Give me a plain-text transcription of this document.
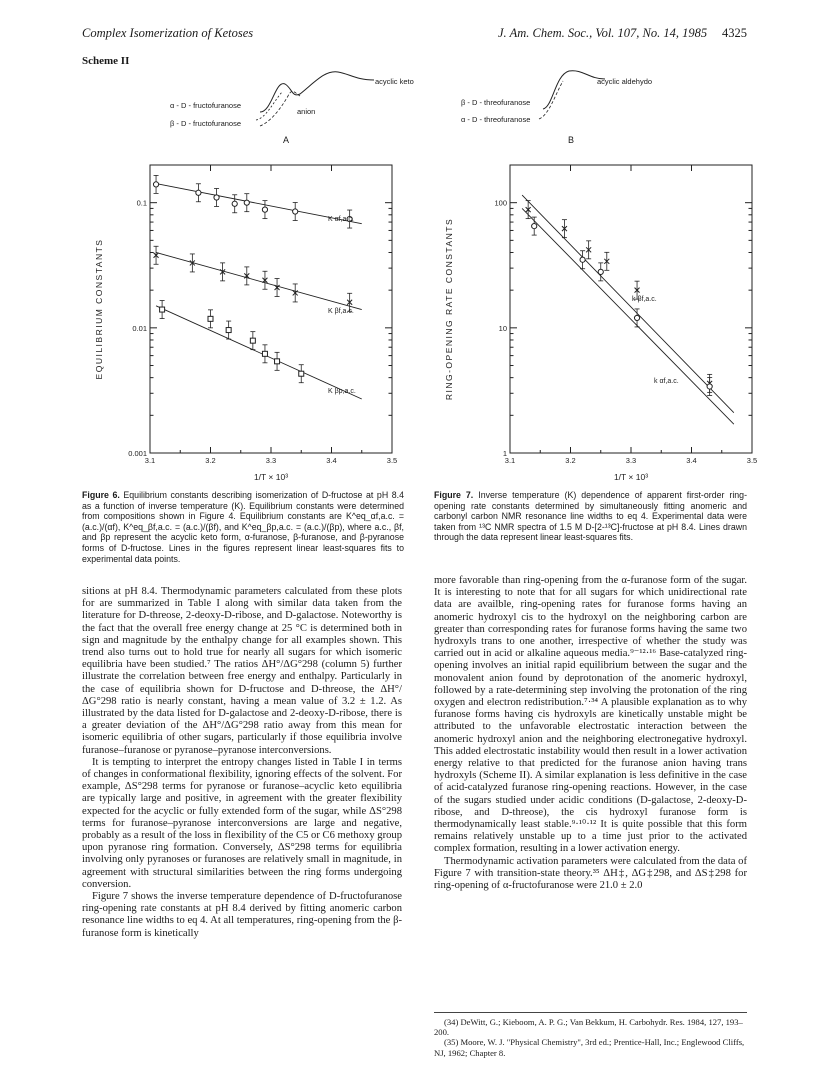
Complex Isomerization of Ketoses	J. Am. Chem. Soc., Vol. 107, No. 14, 1985 4325
Scheme II
acyclic keto
anion
α - D - fructofuranose
β - D - fructofuranose
A
acyclic aldehydo
β - D - threofuranose
α - D - threofuranose
B
3.1	3.2	3.3	3.4	3.5
0.001
0.01
0.1
1/T × 10³
EQUILIBRIUM CONSTANTS
K αf,a.c.
K βf,a.c.
K βp,a.c.
3.1	3.2	3.3	3.4	3.5
1
10
100
1/T × 10³
RING-OPENING RATE CONSTANTS	k βf,a.c.
k αf,a.c.
Figure 6. Equilibrium constants describing isomerization of D-fructose at pH 8.4 as a function of inverse temperature (K). Equilibrium constants were determined from compositions shown in Figure 4. Equilibrium constants are K^eq_αf,a.c. = (a.c.)/(αf), K^eq_βf,a.c. = (a.c.)/(βf), and K^eq_βp,a.c. = (a.c.)/(βp), where a.c., βf, and βp represent the acyclic keto form, α-furanose, β-furanose, and β-pyranose forms of D-fructose. Lines in the figures represent linear least-squares fits to experimental data points.
Figure 7. Inverse temperature (K) dependence of apparent first-order ring-opening rate constants determined by simultaneously fitting anomeric and carbonyl carbon NMR resonance line widths to eq 4. Experimental data were taken from ¹³C NMR spectra of 1.5 M D-[2-¹³C]-fructose at pH 8.4. Lines drawn through the data represent linear least-squares fits.

sitions at pH 8.4. Thermodynamic parameters calculated from these plots for are summarized in Table I along with similar data taken from the literature for D-threose, 2-deoxy-D-ribose, and D-galactose. Noteworthy is the fact that the overall free energy change at 25 °C is determined both in sign and magnitude by the enthalpy change for all examples shown. This trend also turns out to hold true for nearly all sugars for which isomeric equilibria have been studied.⁷ The ratios ΔH°/ΔG°298 (column 5) further illustrate the correlation between free energy and enthalpy. Particularly in the case of equilibria shown for D-fructose and D-threose, the ΔH°/ΔG°298 ratio is nearly constant, having a mean value of 3.2 ± 1.2. As illustrated by the data listed for D-galactose and 2-deoxy-D-ribose, there is a greater deviation of the ΔH°/ΔG°298 ratio away from this mean for isomeric equilibria of other sugars, particularly if those equilibria involve furanose–furanose or pyranose–pyranose interconversions.

It is tempting to interpret the entropy changes listed in Table I in terms of changes in conformational flexibility, ignoring effects of the solvent. For example, ΔS°298 terms for pyranose or furanose–acyclic keto equilibria are typically large and positive, in agreement with the greater flexibility expected for the acyclic or fully extended form of the sugar, while ΔS°298 terms for furanose–pyranose interconversions are large and negative, probably as a result of the loss in flexibility of the C5 or C6 methoxy group upon pyranose ring formation. Conversely, ΔS°298 terms for equilibria involving only pyranoses or furanoses are relatively small in magnitude, in agreement with structural similarities between the ring forms undergoing conversion.

Figure 7 shows the inverse temperature dependence of D-fructofuranose ring-opening rate constants at pH 8.4 derived by fitting anomeric carbon resonance line widths to eq 4. At all temperatures, ring-opening from the β-furanose form is kinetically

more favorable than ring-opening from the α-furanose form of the sugar. It is interesting to note that for all sugars for which unidirectional rate data are availble, ring-opening rates for furanose forms having an anomeric hydroxyl cis to the hydroxyl on the neighboring carbon are greater than corresponding rates for furanose forms having the same two hydroxyls trans to one another, irrespective of whether the study was carried out in acid or alkaline aqueous media.⁹⁻¹²·¹⁶ Base-catalyzed ring-opening involves an initial rapid equilibrium between the sugar and the monovalent anion found by deprotonation of the anomeric hydroxyl, followed by a rate-determining step involving the protonation of the ring oxygen and electron redistribution.⁷·³⁴ A plausible explanation as to why furanose forms having cis hydroxyls are kinetically unstable might be attributed to the unfavorable electrostatic interaction between the anomeric hydroxyl anion and the neighboring electronegative hydroxyl. This added electrostatic instability would then result in a lower activation energy relative to that predicted for the furanose anion having trans hydroxyls (Scheme II). A similar explanation is less definitive in the case of acid-catalyzed furanose ring-opening reactions. However, in the case of the sugars studied under acidic conditions (D-galactose, 2-deoxy-D-ribose, and D-threose), the cis hydroxyl furanose form is thermodynamically least stable.⁹·¹⁰·¹² It is quite possible that this form remains relatively unstable up to a time just prior to the activated complex formation, resulting in a lower activation energy.

Thermodynamic activation parameters were calculated from the data of Figure 7 with transition-state theory.³⁵ ΔH‡, ΔG‡298, and ΔS‡298 for ring-opening of α-fructofuranose were 21.0 ± 2.0

(34) DeWitt, G.; Kieboom, A. P. G.; Van Bekkum, H. Carbohydr. Res. 1984, 127, 193–200.

(35) Moore, W. J. "Physical Chemistry", 3rd ed.; Prentice-Hall, Inc.; Englewood Cliffs, NJ, 1962; Chapter 8.
